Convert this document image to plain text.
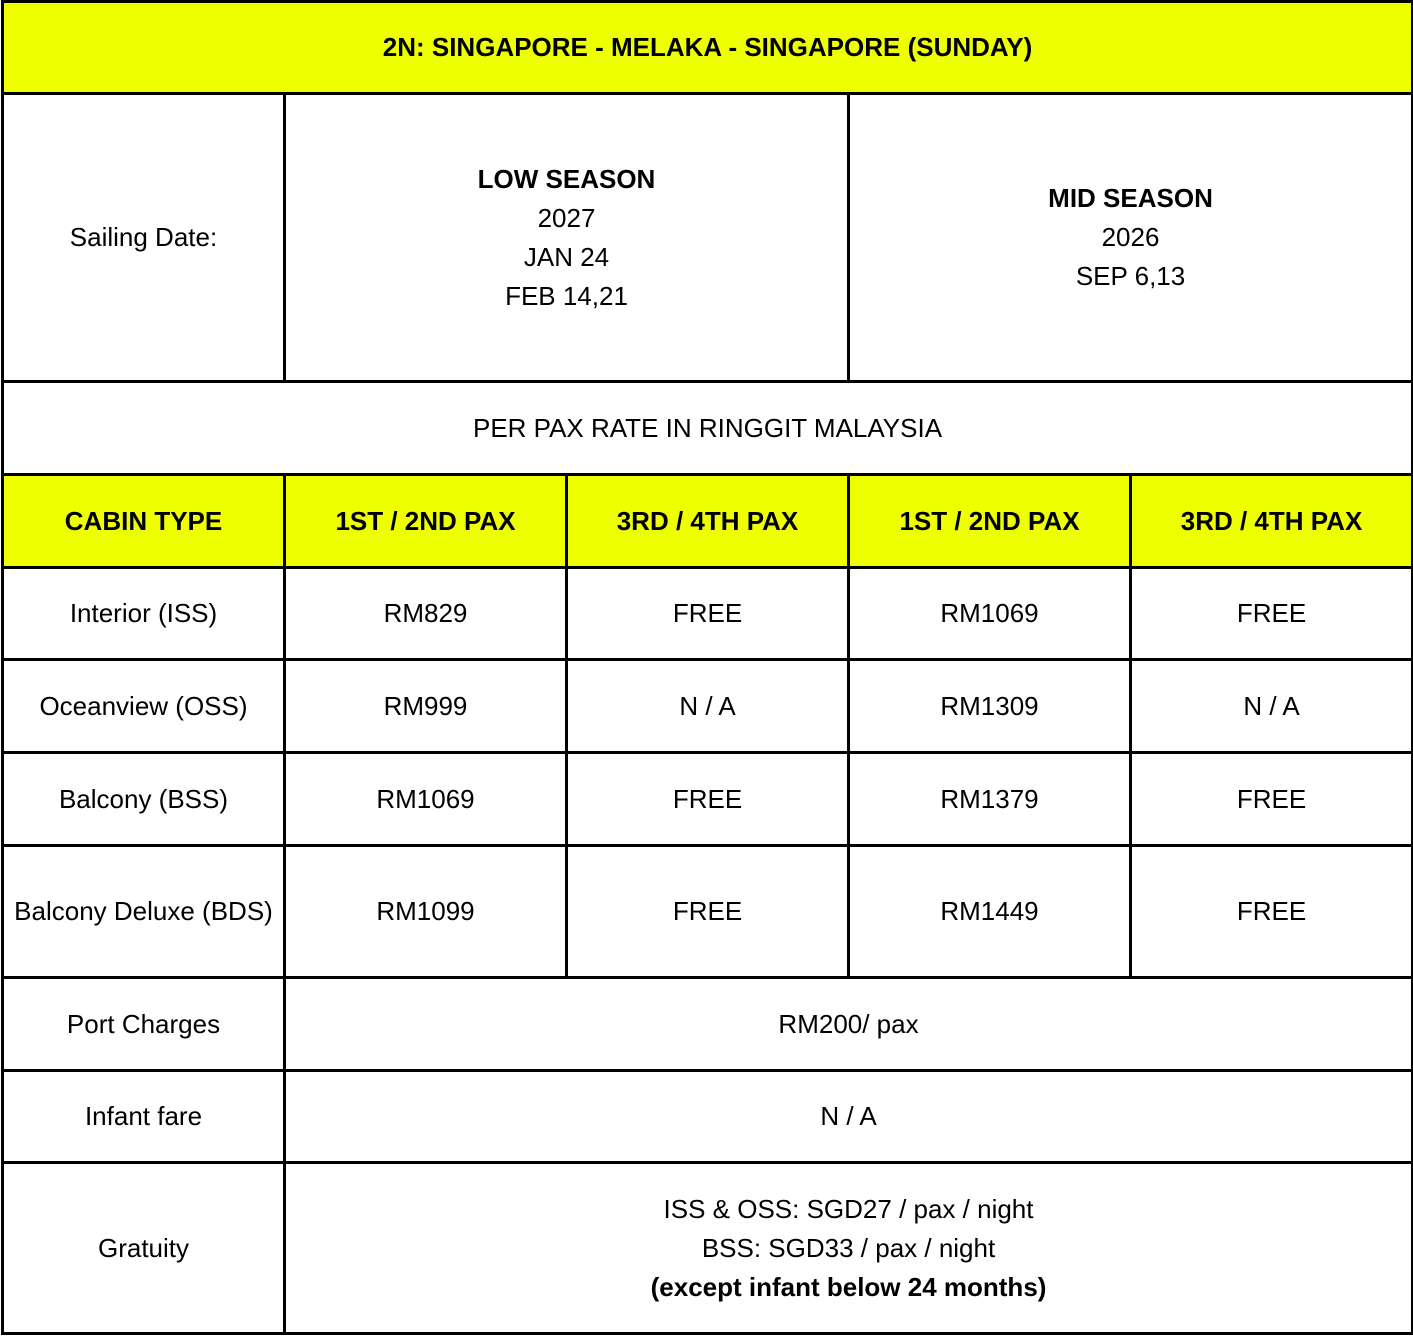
2N: SINGAPORE - MELAKA - SINGAPORE (SUNDAY)				
Sailing Date:	LOW SEASON
2027
JAN 24
FEB 14,21		MID SEASON
2026
SEP 6,13	

PER PAX RATE IN RINGGIT MALAYSIA				
CABIN TYPE	1ST / 2ND PAX	3RD / 4TH PAX	1ST / 2ND PAX	3RD / 4TH PAX
Interior (ISS)	RM829	FREE	RM1069	FREE
Oceanview (OSS)	RM999	N / A	RM1309	N / A
Balcony (BSS)	RM1069	FREE	RM1379	FREE
Balcony Deluxe (BDS)	RM1099	FREE	RM1449	FREE
Port Charges	RM200/ pax			
Infant fare	N / A			
Gratuity	ISS & OSS: SGD27 / pax / night
BSS: SGD33 / pax / night
(except infant below 24 months)			
